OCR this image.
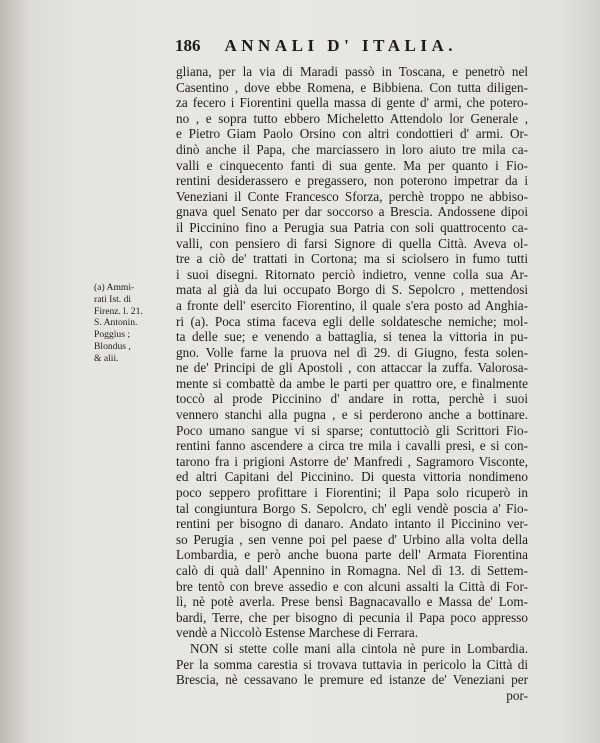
186 ANNALI D' ITALIA.
(a) Ammi-
rati Ist. di
Firenz. l. 21.
S. Antonin.
Poggius ;
Blondus ,
& alii.
gliana, per la via di Maradi passò in Toscana, e penetrò nel
Casentino , dove ebbe Romena, e Bibbiena. Con tutta diligen-
za fecero i Fiorentini quella massa di gente d' armi, che potero-
no , e sopra tutto ebbero Micheletto Attendolo lor Generale ,
e Pietro Giam Paolo Orsino con altri condottieri d' armi. Or-
dinò anche il Papa, che marciassero in loro aiuto tre mila ca-
valli e cinquecento fanti di sua gente. Ma per quanto i Fio-
rentini desiderassero e pregassero, non poterono impetrar da i
Veneziani il Conte Francesco Sforza, perchè troppo ne abbiso-
gnava quel Senato per dar soccorso a Brescia. Andossene dipoi
il Piccinino fino a Perugia sua Patria con soli quattrocento ca-
valli, con pensiero di farsi Signore di quella Città. Aveva ol-
tre a ciò de' trattati in Cortona; ma si sciolsero in fumo tutti
i suoi disegni. Ritornato perciò indietro, venne colla sua Ar-
mata al già da lui occupato Borgo di S. Sepolcro , mettendosi
a fronte dell' esercito Fiorentino, il quale s'era posto ad Anghia-
ri (a). Poca stima faceva egli delle soldatesche nemiche; mol-
ta delle sue; e venendo a battaglia, si tenea la vittoria in pu-
gno. Volle farne la pruova nel dì 29. di Giugno, festa solen-
ne de' Principi de gli Apostoli , con attaccar la zuffa. Valorosa-
mente si combattè da ambe le parti per quattro ore, e finalmente
toccò al prode Piccinino d' andare in rotta, perchè i suoi
vennero stanchi alla pugna , e si perderono anche a bottinare.
Poco umano sangue vi si sparse; contuttociò gli Scrittori Fio-
rentini fanno ascendere a circa tre mila i cavalli presi, e si con-
tarono fra i prigioni Astorre de' Manfredi , Sagramoro Visconte,
ed altri Capitani del Piccinino. Di questa vittoria nondimeno
poco seppero profittare i Fiorentini; il Papa solo ricuperò in
tal congiuntura Borgo S. Sepolcro, ch' egli vendè poscia a' Fio-
rentini per bisogno di danaro. Andato intanto il Piccinino ver-
so Perugia , sen venne poi pel paese d' Urbino alla volta della
Lombardia, e però anche buona parte dell' Armata Fiorentina
calò di quà dall' Apennino in Romagna. Nel dì 13. di Settem-
bre tentò con breve assedio e con alcuni assalti la Città di For-
lì, nè potè averla. Prese bensì Bagnacavallo e Massa de' Lom-
bardi, Terre, che per bisogno di pecunia il Papa poco appresso
vendè a Niccolò Estense Marchese di Ferrara.
NON si stette colle mani alla cintola nè pure in Lombardia.
Per la somma carestia si trovava tuttavia in pericolo la Città di
Brescia, nè cessavano le premure ed istanze de' Veneziani per
por-
